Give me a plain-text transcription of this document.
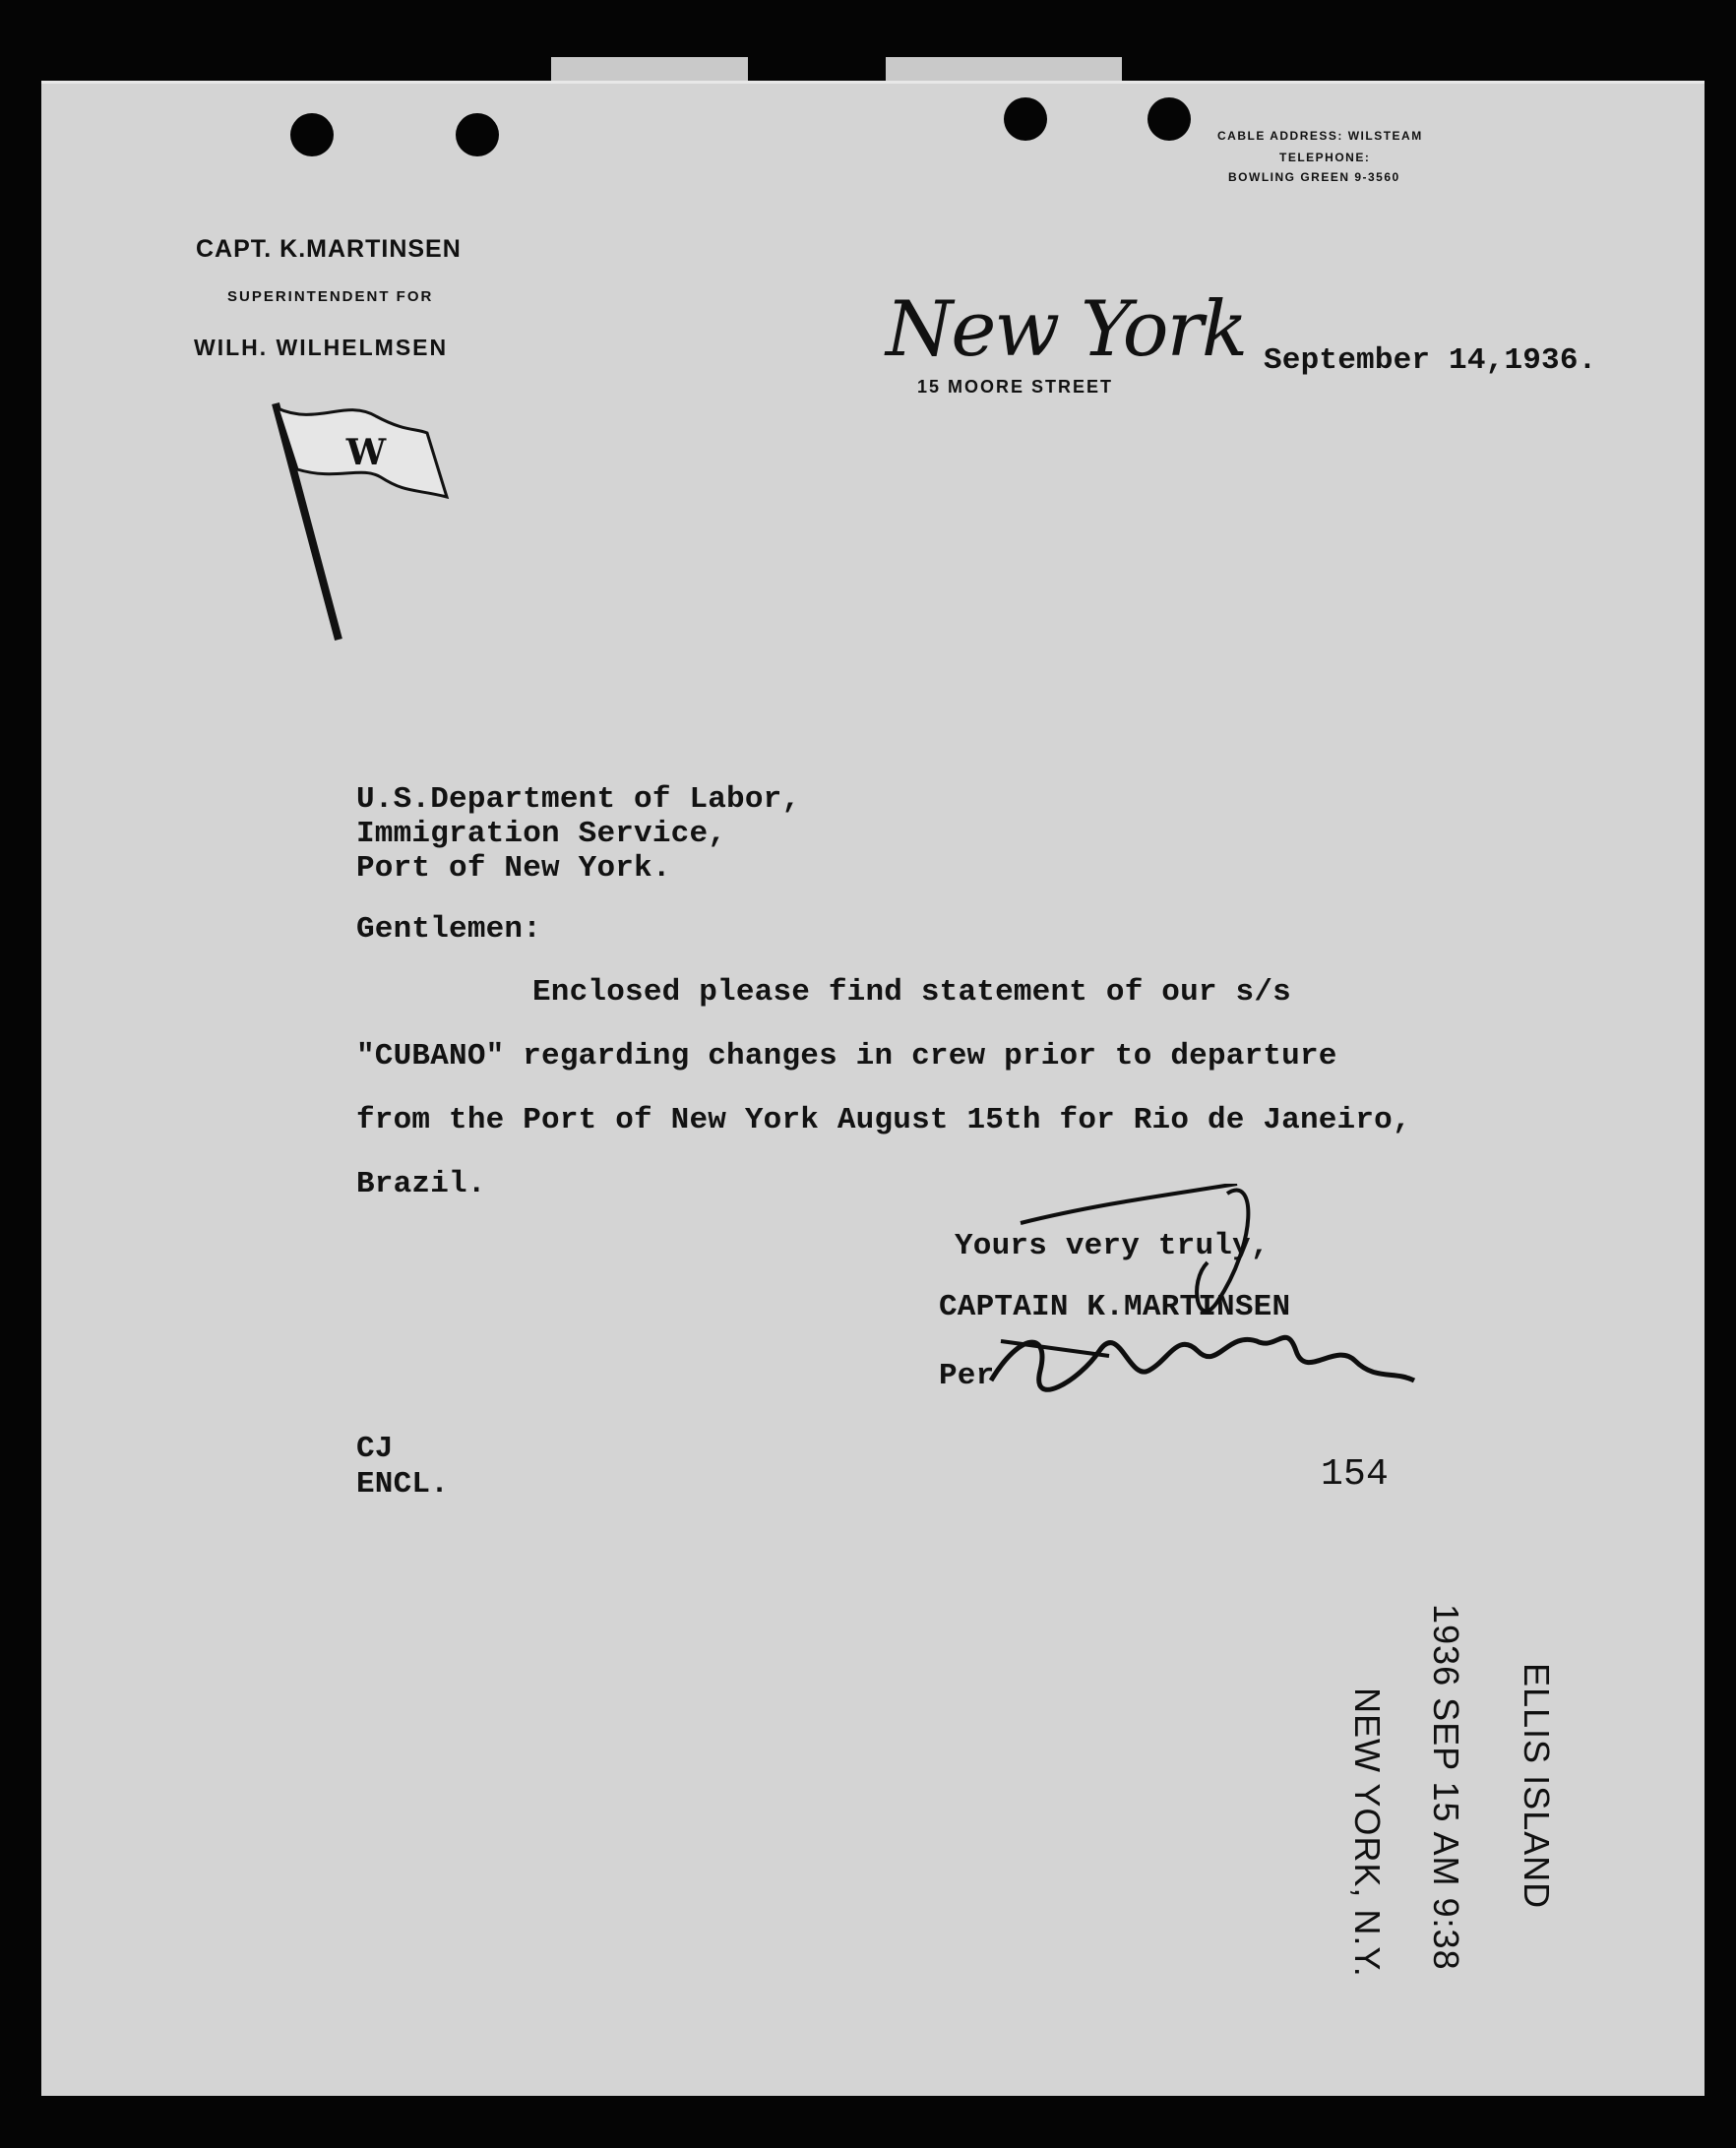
CAPT. K.MARTINSEN
SUPERINTENDENT FOR
WILH. WILHELMSEN
W
New York
15 MOORE STREET
CABLE ADDRESS: WILSTEAM
TELEPHONE:
BOWLING GREEN 9-3560
September 14,1936.
U.S.Department of Labor,
Immigration Service,
Port of New York.
Gentlemen:
Enclosed please find statement of our s/s
"CUBANO" regarding changes in crew prior to departure
from the Port of New York August 15th for Rio de Janeiro,
Brazil.
Yours very truly,
CAPTAIN K.MARTINSEN
Per
CJ
ENCL.	154
ELLIS ISLAND
1936 SEP 15 AM 9:38
NEW YORK, N.Y.
